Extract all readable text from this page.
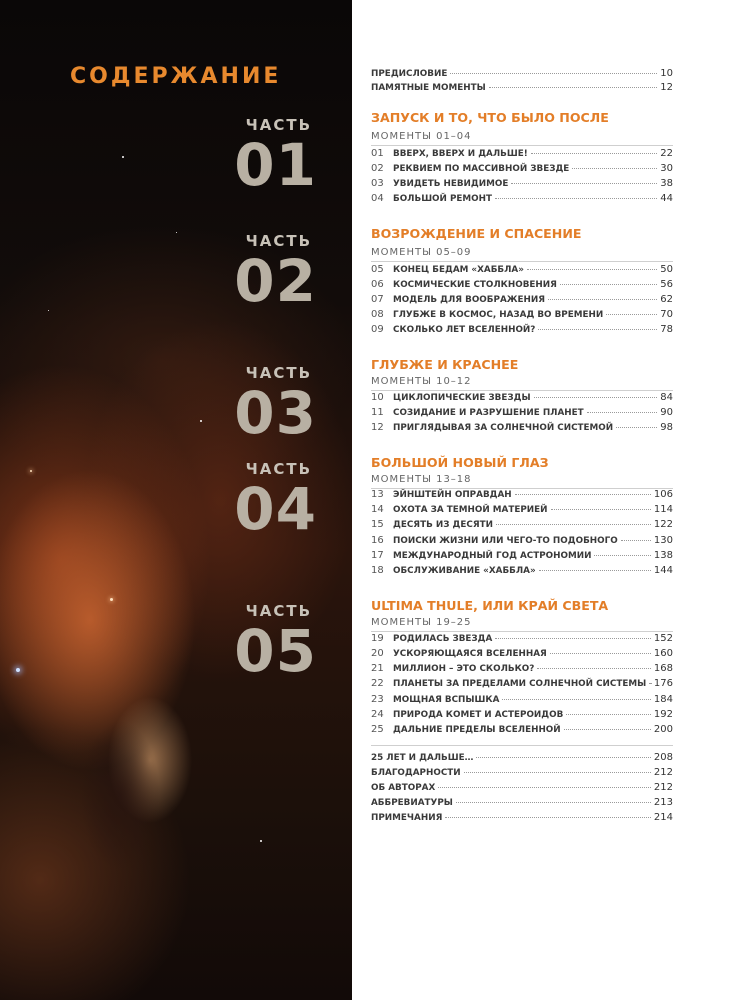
СОДЕРЖАНИЕ
ЧАСТЬ
01
ЧАСТЬ
02
ЧАСТЬ
03
ЧАСТЬ
04
ЧАСТЬ
05
ПРЕДИСЛОВИЕ	10
ПАМЯТНЫЕ МОМЕНТЫ	12
ЗАПУСК И ТО, ЧТО БЫЛО ПОСЛЕ
МОМЕНТЫ 01–04
01	ВВЕРХ, ВВЕРХ И ДАЛЬШЕ!	22
02	РЕКВИЕМ ПО МАССИВНОЙ ЗВЕЗДЕ	30
03	УВИДЕТЬ НЕВИДИМОЕ	38
04	БОЛЬШОЙ РЕМОНТ	44
ВОЗРОЖДЕНИЕ И СПАСЕНИЕ
МОМЕНТЫ 05–09
05	КОНЕЦ БЕДАМ «ХАББЛА»	50
06	КОСМИЧЕСКИЕ СТОЛКНОВЕНИЯ	56
07	МОДЕЛЬ ДЛЯ ВООБРАЖЕНИЯ	62
08	ГЛУБЖЕ В КОСМОС, НАЗАД ВО ВРЕМЕНИ	70
09	СКОЛЬКО ЛЕТ ВСЕЛЕННОЙ?	78
ГЛУБЖЕ И КРАСНЕЕ
МОМЕНТЫ 10–12
10	ЦИКЛОПИЧЕСКИЕ ЗВЕЗДЫ	84
11	СОЗИДАНИЕ И РАЗРУШЕНИЕ ПЛАНЕТ	90
12	ПРИГЛЯДЫВАЯ ЗА СОЛНЕЧНОЙ СИСТЕМОЙ	98
БОЛЬШОЙ НОВЫЙ ГЛАЗ
МОМЕНТЫ 13–18
13	ЭЙНШТЕЙН ОПРАВДАН	106
14	ОХОТА ЗА ТЕМНОЙ МАТЕРИЕЙ	114
15	ДЕСЯТЬ ИЗ ДЕСЯТИ	122
16	ПОИСКИ ЖИЗНИ ИЛИ ЧЕГО-ТО ПОДОБНОГО	130
17	МЕЖДУНАРОДНЫЙ ГОД АСТРОНОМИИ	138
18	ОБСЛУЖИВАНИЕ «ХАББЛА»	144
ULTIMA THULE, ИЛИ КРАЙ СВЕТА
МОМЕНТЫ 19–25
19	РОДИЛАСЬ ЗВЕЗДА	152
20	УСКОРЯЮЩАЯСЯ ВСЕЛЕННАЯ	160
21	МИЛЛИОН – ЭТО СКОЛЬКО?	168
22	ПЛАНЕТЫ ЗА ПРЕДЕЛАМИ СОЛНЕЧНОЙ СИСТЕМЫ 176
23	МОЩНАЯ ВСПЫШКА	184
24	ПРИРОДА КОМЕТ И АСТЕРОИДОВ	192
25	ДАЛЬНИЕ ПРЕДЕЛЫ ВСЕЛЕННОЙ	200
25 ЛЕТ И ДАЛЬШЕ…	208
БЛАГОДАРНОСТИ	212
ОБ АВТОРАХ	212
АББРЕВИАТУРЫ	213
ПРИМЕЧАНИЯ	214
